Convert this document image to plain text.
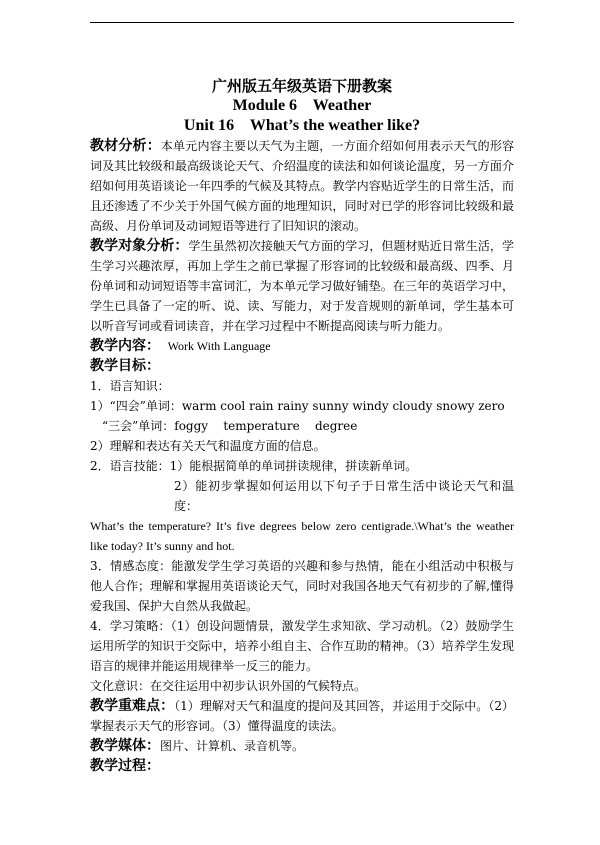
广州版五年级英语下册教案

Module 6    Weather

Unit 16    What’s the weather like?

教材分析：本单元内容主要以天气为主题，一方面介绍如何用表示天气的形容词及其比较级和最高级谈论天气、介绍温度的读法和如何谈论温度，另一方面介绍如何用英语谈论一年四季的气候及其特点。教学内容贴近学生的日常生活，而且还渗透了不少关于外国气候方面的地理知识，同时对已学的形容词比较级和最高级、月份单词及动词短语等进行了旧知识的滚动。

教学对象分析：学生虽然初次接触天气方面的学习，但题材贴近日常生活，学生学习兴趣浓厚，再加上学生之前已掌握了形容词的比较级和最高级、四季、月份单词和动词短语等丰富词汇，为本单元学习做好铺垫。在三年的英语学习中，学生已具备了一定的听、说、读、写能力，对于发音规则的新单词，学生基本可以听音写词或看词读音，并在学习过程中不断提高阅读与听力能力。

教学内容： Work With Language

教学目标：

1．语言知识：

1）“四会”单词：warm cool rain rainy sunny windy cloudy snowy zero

“三会”单词：foggy    temperature    degree

2）理解和表达有关天气和温度方面的信息。

2．语言技能：1）能根据简单的单词拼读规律，拼读新单词。

2）能初步掌握如何运用以下句子于日常生活中谈论天气和温度：

What’s the temperature? It’s five degrees below zero centigrade.\What’s the weather like today? It’s sunny and hot.

3．情感态度：能激发学生学习英语的兴趣和参与热情，能在小组活动中积极与他人合作；理解和掌握用英语谈论天气，同时对我国各地天气有初步的了解,懂得爱我国、保护大自然从我做起。

4．学习策略：（1）创设问题情景，激发学生求知欲、学习动机。（2）鼓励学生运用所学的知识于交际中，培养小组自主、合作互助的精神。（3）培养学生发现语言的规律并能运用规律举一反三的能力。

文化意识：在交往运用中初步认识外国的气候特点。

教学重难点：（1）理解对天气和温度的提问及其回答，并运用于交际中。（2）掌握表示天气的形容词。（3）懂得温度的读法。

教学媒体：图片、计算机、录音机等。

教学过程：
